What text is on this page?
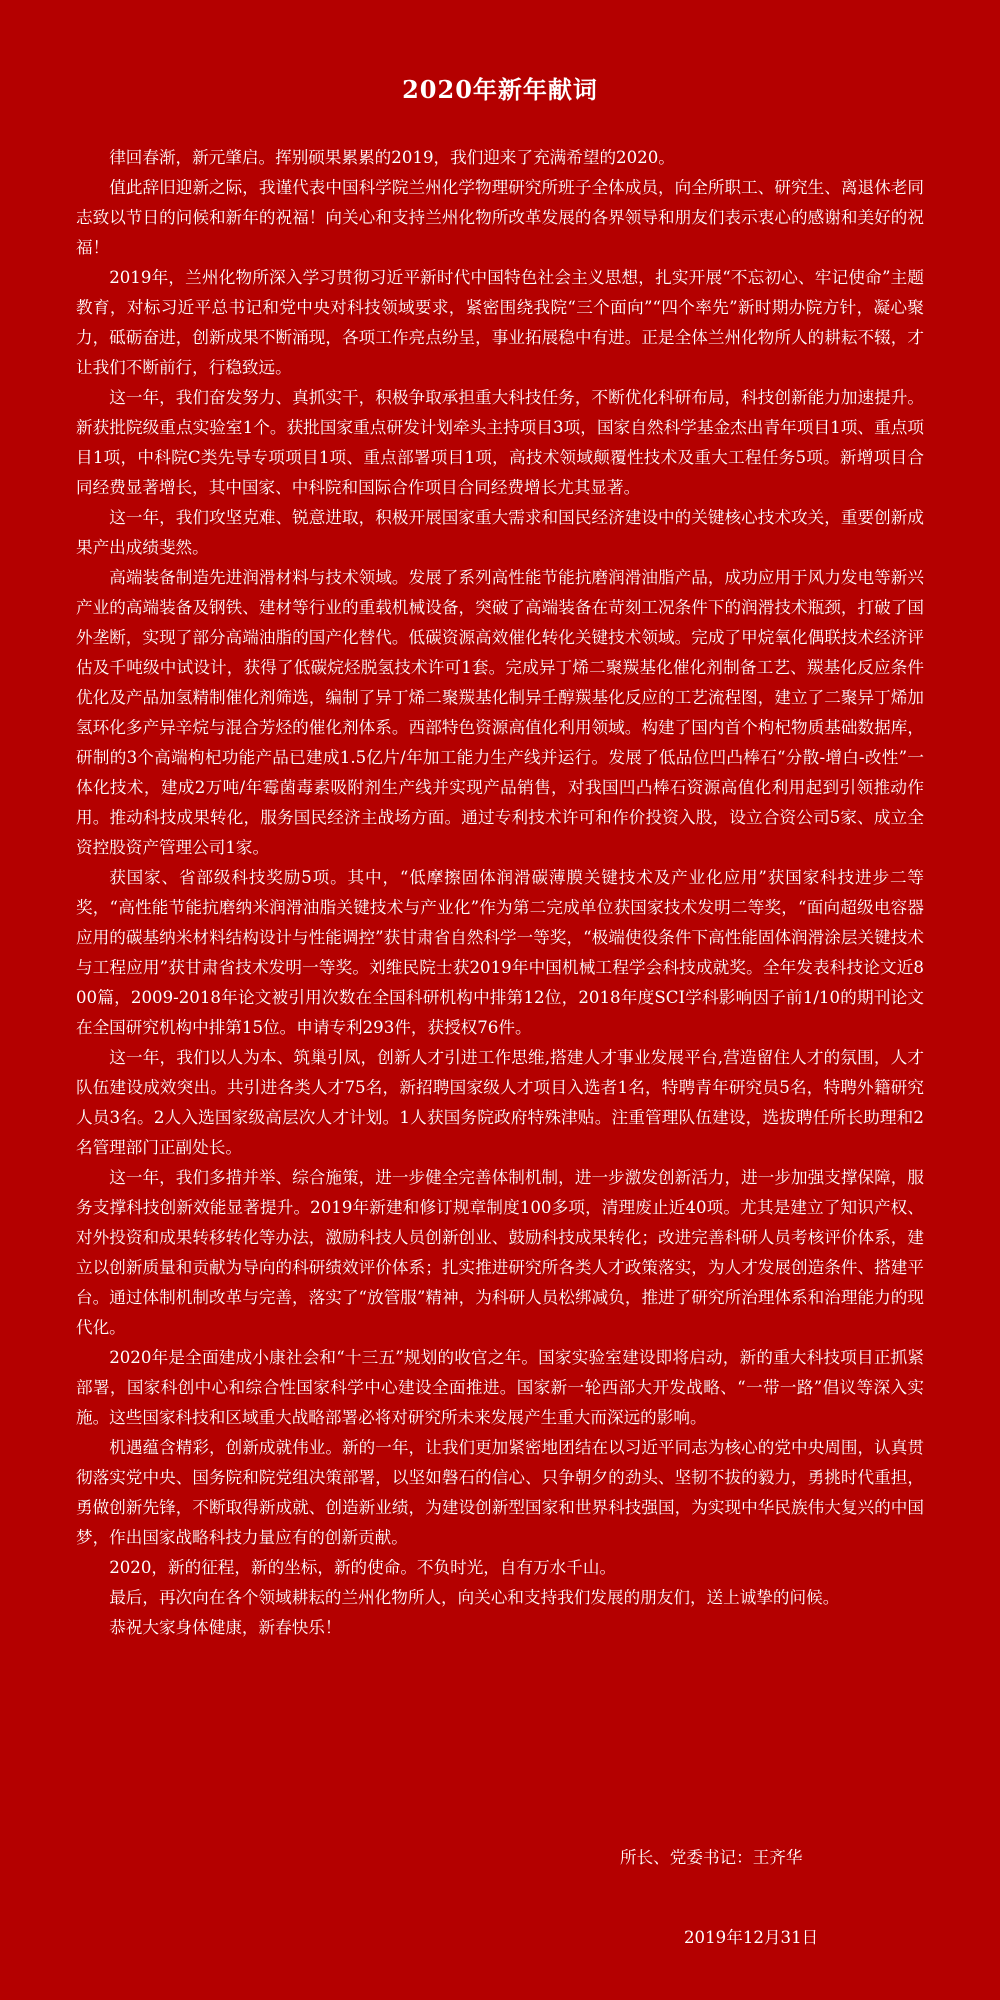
2020年新年献词

律回春渐，新元肇启。挥别硕果累累的2019，我们迎来了充满希望的2020。

值此辞旧迎新之际，我谨代表中国科学院兰州化学物理研究所班子全体成员，向全所职工、研究生、离退休老同志致以节日的问候和新年的祝福！向关心和支持兰州化物所改革发展的各界领导和朋友们表示衷心的感谢和美好的祝福！

2019年，兰州化物所深入学习贯彻习近平新时代中国特色社会主义思想，扎实开展“不忘初心、牢记使命”主题教育，对标习近平总书记和党中央对科技领域要求，紧密围绕我院“三个面向”“四个率先”新时期办院方针，凝心聚力，砥砺奋进，创新成果不断涌现，各项工作亮点纷呈，事业拓展稳中有进。正是全体兰州化物所人的耕耘不辍，才让我们不断前行，行稳致远。

这一年，我们奋发努力、真抓实干，积极争取承担重大科技任务，不断优化科研布局，科技创新能力加速提升。新获批院级重点实验室1个。获批国家重点研发计划牵头主持项目3项，国家自然科学基金杰出青年项目1项、重点项目1项，中科院C类先导专项项目1项、重点部署项目1项，高技术领域颠覆性技术及重大工程任务5项。新增项目合同经费显著增长，其中国家、中科院和国际合作项目合同经费增长尤其显著。

这一年，我们攻坚克难、锐意进取，积极开展国家重大需求和国民经济建设中的关键核心技术攻关，重要创新成果产出成绩斐然。

高端装备制造先进润滑材料与技术领域。发展了系列高性能节能抗磨润滑油脂产品，成功应用于风力发电等新兴产业的高端装备及钢铁、建材等行业的重载机械设备，突破了高端装备在苛刻工况条件下的润滑技术瓶颈，打破了国外垄断，实现了部分高端油脂的国产化替代。低碳资源高效催化转化关键技术领域。完成了甲烷氧化偶联技术经济评估及千吨级中试设计，获得了低碳烷烃脱氢技术许可1套。完成异丁烯二聚羰基化催化剂制备工艺、羰基化反应条件优化及产品加氢精制催化剂筛选，编制了异丁烯二聚羰基化制异壬醇羰基化反应的工艺流程图，建立了二聚异丁烯加氢环化多产异辛烷与混合芳烃的催化剂体系。西部特色资源高值化利用领域。构建了国内首个枸杞物质基础数据库，研制的3个高端枸杞功能产品已建成1.5亿片/年加工能力生产线并运行。发展了低品位凹凸棒石“分散-增白-改性”一体化技术，建成2万吨/年霉菌毒素吸附剂生产线并实现产品销售，对我国凹凸棒石资源高值化利用起到引领推动作用。推动科技成果转化，服务国民经济主战场方面。通过专利技术许可和作价投资入股，设立合资公司5家、成立全资控股资产管理公司1家。

获国家、省部级科技奖励5项。其中，“低摩擦固体润滑碳薄膜关键技术及产业化应用”获国家科技进步二等奖，“高性能节能抗磨纳米润滑油脂关键技术与产业化”作为第二完成单位获国家技术发明二等奖，“面向超级电容器应用的碳基纳米材料结构设计与性能调控”获甘肃省自然科学一等奖，“极端使役条件下高性能固体润滑涂层关键技术与工程应用”获甘肃省技术发明一等奖。刘维民院士获2019年中国机械工程学会科技成就奖。全年发表科技论文近800篇，2009-2018年论文被引用次数在全国科研机构中排第12位，2018年度SCI学科影响因子前1/10的期刊论文在全国研究机构中排第15位。申请专利293件，获授权76件。

这一年，我们以人为本、筑巢引凤，创新人才引进工作思维,搭建人才事业发展平台,营造留住人才的氛围，人才队伍建设成效突出。共引进各类人才75名，新招聘国家级人才项目入选者1名，特聘青年研究员5名，特聘外籍研究人员3名。2人入选国家级高层次人才计划。1人获国务院政府特殊津贴。注重管理队伍建设，选拔聘任所长助理和2名管理部门正副处长。

这一年，我们多措并举、综合施策，进一步健全完善体制机制，进一步激发创新活力，进一步加强支撑保障，服务支撑科技创新效能显著提升。2019年新建和修订规章制度100多项，清理废止近40项。尤其是建立了知识产权、对外投资和成果转移转化等办法，激励科技人员创新创业、鼓励科技成果转化；改进完善科研人员考核评价体系，建立以创新质量和贡献为导向的科研绩效评价体系；扎实推进研究所各类人才政策落实，为人才发展创造条件、搭建平台。通过体制机制改革与完善，落实了“放管服”精神，为科研人员松绑减负，推进了研究所治理体系和治理能力的现代化。

2020年是全面建成小康社会和“十三五”规划的收官之年。国家实验室建设即将启动，新的重大科技项目正抓紧部署，国家科创中心和综合性国家科学中心建设全面推进。国家新一轮西部大开发战略、“一带一路”倡议等深入实施。这些国家科技和区域重大战略部署必将对研究所未来发展产生重大而深远的影响。

机遇蕴含精彩，创新成就伟业。新的一年，让我们更加紧密地团结在以习近平同志为核心的党中央周围，认真贯彻落实党中央、国务院和院党组决策部署，以坚如磐石的信心、只争朝夕的劲头、坚韧不拔的毅力，勇挑时代重担，勇做创新先锋，不断取得新成就、创造新业绩，为建设创新型国家和世界科技强国，为实现中华民族伟大复兴的中国梦，作出国家战略科技力量应有的创新贡献。

2020，新的征程，新的坐标，新的使命。不负时光，自有万水千山。

最后，再次向在各个领域耕耘的兰州化物所人，向关心和支持我们发展的朋友们，送上诚挚的问候。

恭祝大家身体健康，新春快乐！

所长、党委书记：王齐华
2019年12月31日
